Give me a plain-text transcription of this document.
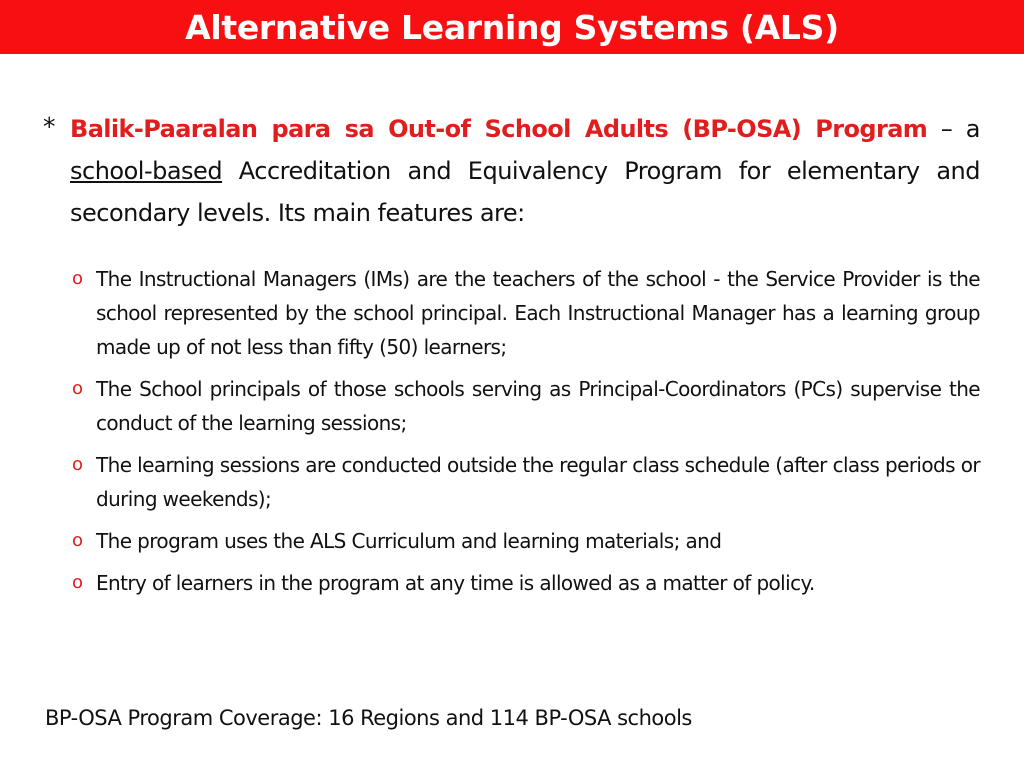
Alternative Learning Systems (ALS)
* Balik-Paaralan para sa Out-of School Adults (BP-OSA) Program – a school-based Accreditation and Equivalency Program for elementary and secondary levels. Its main features are:
o The Instructional Managers (IMs) are the teachers of the school - the Service Provider is the school represented by the school principal. Each Instructional Manager has a learning group made up of not less than fifty (50) learners;
o The School principals of those schools serving as Principal-Coordinators (PCs) supervise the conduct of the learning sessions;
o The learning sessions are conducted outside the regular class schedule (after class periods or during weekends);
o The program uses the ALS Curriculum and learning materials; and
o Entry of learners in the program at any time is allowed as a matter of policy.
BP-OSA Program Coverage: 16 Regions and 114 BP-OSA schools
